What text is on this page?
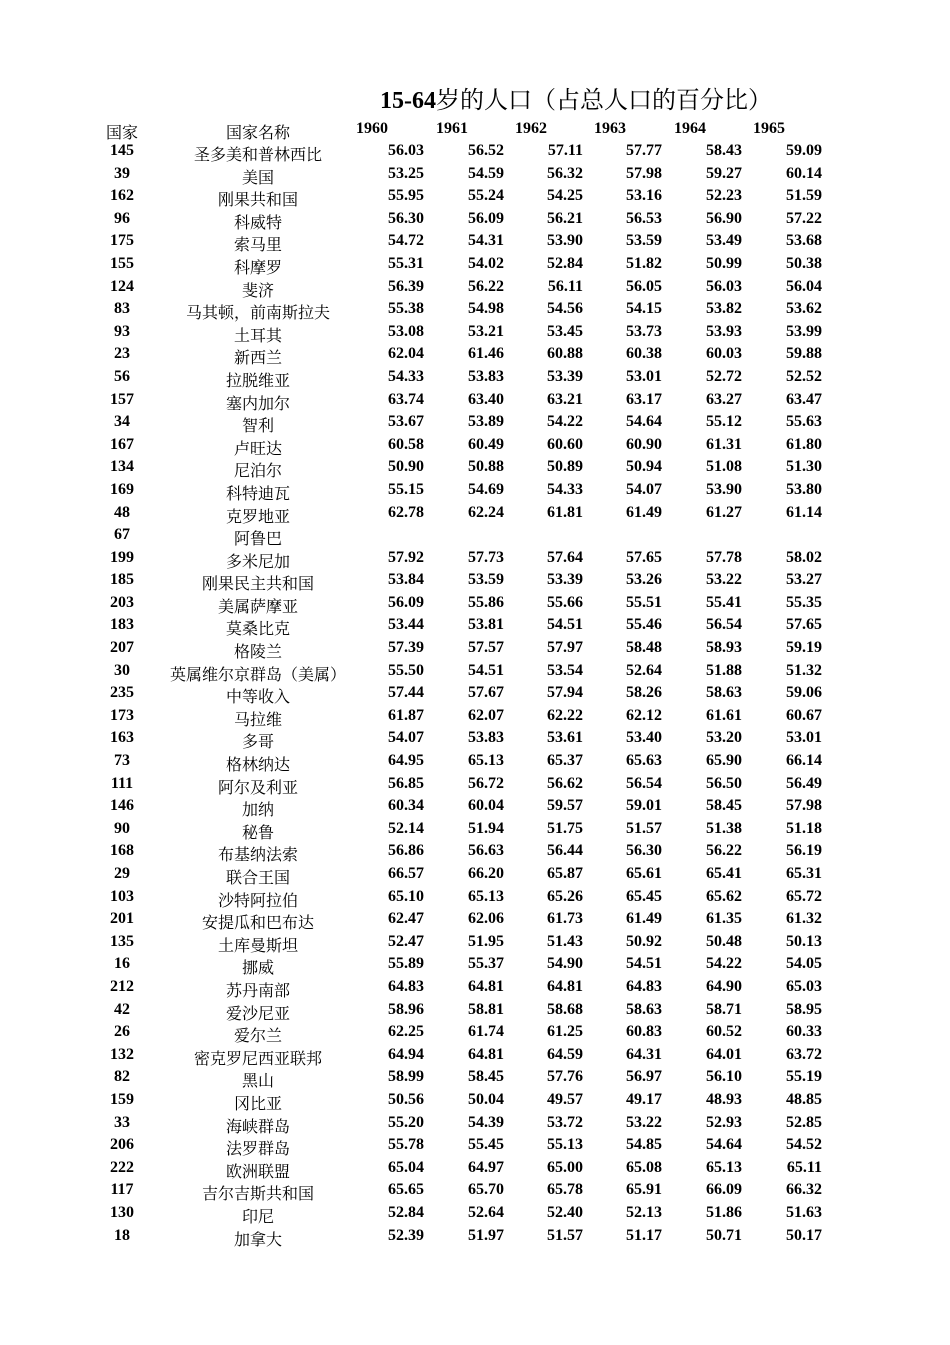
15-64岁的人口（占总人口的百分比）
国家	国家名称	1960	1961	1962	1963	1964	1965
145	圣多美和普林西比	56.03	56.52	57.11	57.77	58.43	59.09
39	美国	53.25	54.59	56.32	57.98	59.27	60.14
162	刚果共和国	55.95	55.24	54.25	53.16	52.23	51.59
96	科威特	56.30	56.09	56.21	56.53	56.90	57.22
175	索马里	54.72	54.31	53.90	53.59	53.49	53.68
155	科摩罗	55.31	54.02	52.84	51.82	50.99	50.38
124	斐济	56.39	56.22	56.11	56.05	56.03	56.04
83	马其顿，前南斯拉夫	55.38	54.98	54.56	54.15	53.82	53.62
93	土耳其	53.08	53.21	53.45	53.73	53.93	53.99
23	新西兰	62.04	61.46	60.88	60.38	60.03	59.88
56	拉脱维亚	54.33	53.83	53.39	53.01	52.72	52.52
157	塞内加尔	63.74	63.40	63.21	63.17	63.27	63.47
34	智利	53.67	53.89	54.22	54.64	55.12	55.63
167	卢旺达	60.58	60.49	60.60	60.90	61.31	61.80
134	尼泊尔	50.90	50.88	50.89	50.94	51.08	51.30
169	科特迪瓦	55.15	54.69	54.33	54.07	53.90	53.80
48	克罗地亚	62.78	62.24	61.81	61.49	61.27	61.14
67	阿鲁巴
199	多米尼加	57.92	57.73	57.64	57.65	57.78	58.02
185	刚果民主共和国	53.84	53.59	53.39	53.26	53.22	53.27
203	美属萨摩亚	56.09	55.86	55.66	55.51	55.41	55.35
183	莫桑比克	53.44	53.81	54.51	55.46	56.54	57.65
207	格陵兰	57.39	57.57	57.97	58.48	58.93	59.19
30	英属维尔京群岛（美属）	55.50	54.51	53.54	52.64	51.88	51.32
235	中等收入	57.44	57.67	57.94	58.26	58.63	59.06
173	马拉维	61.87	62.07	62.22	62.12	61.61	60.67
163	多哥	54.07	53.83	53.61	53.40	53.20	53.01
73	格林纳达	64.95	65.13	65.37	65.63	65.90	66.14
111	阿尔及利亚	56.85	56.72	56.62	56.54	56.50	56.49
146	加纳	60.34	60.04	59.57	59.01	58.45	57.98
90	秘鲁	52.14	51.94	51.75	51.57	51.38	51.18
168	布基纳法索	56.86	56.63	56.44	56.30	56.22	56.19
29	联合王国	66.57	66.20	65.87	65.61	65.41	65.31
103	沙特阿拉伯	65.10	65.13	65.26	65.45	65.62	65.72
201	安提瓜和巴布达	62.47	62.06	61.73	61.49	61.35	61.32
135	土库曼斯坦	52.47	51.95	51.43	50.92	50.48	50.13
16	挪威	55.89	55.37	54.90	54.51	54.22	54.05
212	苏丹南部	64.83	64.81	64.81	64.83	64.90	65.03
42	爱沙尼亚	58.96	58.81	58.68	58.63	58.71	58.95
26	爱尔兰	62.25	61.74	61.25	60.83	60.52	60.33
132	密克罗尼西亚联邦	64.94	64.81	64.59	64.31	64.01	63.72
82	黑山	58.99	58.45	57.76	56.97	56.10	55.19
159	冈比亚	50.56	50.04	49.57	49.17	48.93	48.85
33	海峡群岛	55.20	54.39	53.72	53.22	52.93	52.85
206	法罗群岛	55.78	55.45	55.13	54.85	54.64	54.52
222	欧洲联盟	65.04	64.97	65.00	65.08	65.13	65.11
117	吉尔吉斯共和国	65.65	65.70	65.78	65.91	66.09	66.32
130	印尼	52.84	52.64	52.40	52.13	51.86	51.63
18	加拿大	52.39	51.97	51.57	51.17	50.71	50.17
